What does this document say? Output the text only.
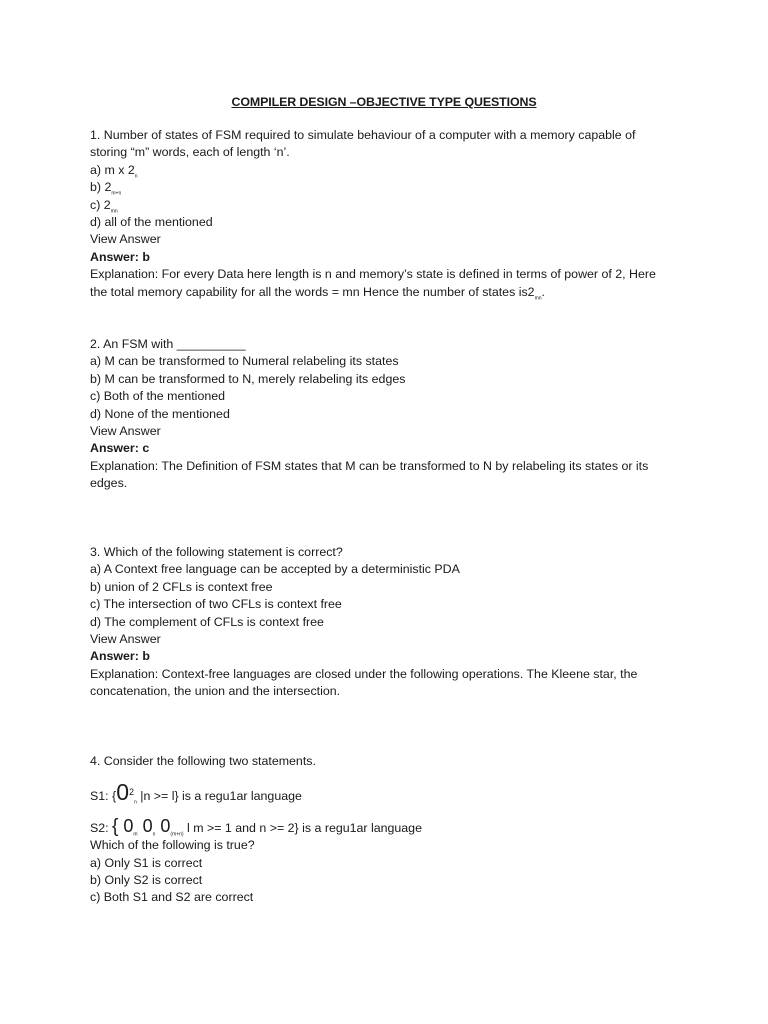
COMPILER DESIGN –OBJECTIVE TYPE QUESTIONS
1. Number of states of FSM required to simulate behaviour of a computer with a memory capable of
storing “m” words, each of length ‘n’.
a) m x $2_n$
b) $2_{m+n}$
c) $2_{mn}$
d) all of the mentioned
View Answer
Answer: b
Explanation: For every Data here length is n and memory’s state is defined in terms of power of 2, Here
the total memory capability for all the words = mn Hence the number of states $is2_{mn}$.
2. An FSM with __________
a) M can be transformed to Numeral relabeling its states
b) M can be transformed to N, merely relabeling its edges
c) Both of the mentioned
d) None of the mentioned
View Answer
Answer: c
Explanation: The Definition of FSM states that M can be transformed to N by relabeling its states or its
edges.
3. Which of the following statement is correct?
a) A Context free language can be accepted by a deterministic PDA
b) union of 2 CFLs is context free
c) The intersection of two CFLs is context free
d) The complement of CFLs is context free
View Answer
Answer: b
Explanation: Context-free languages are closed under the following operations. The Kleene star, the
concatenation, the union and the intersection.
4. Consider the following two statements.
S1: {$0^2_n$ |n >= l} is a regu1ar language
S2: { $0_m$ $0_n$ $0_{(m+n)}$ l m >= 1 and n >= 2} is a regu1ar language
Which of the following is true?
a) Only S1 is correct
b) Only S2 is correct
c) Both S1 and S2 are correct
